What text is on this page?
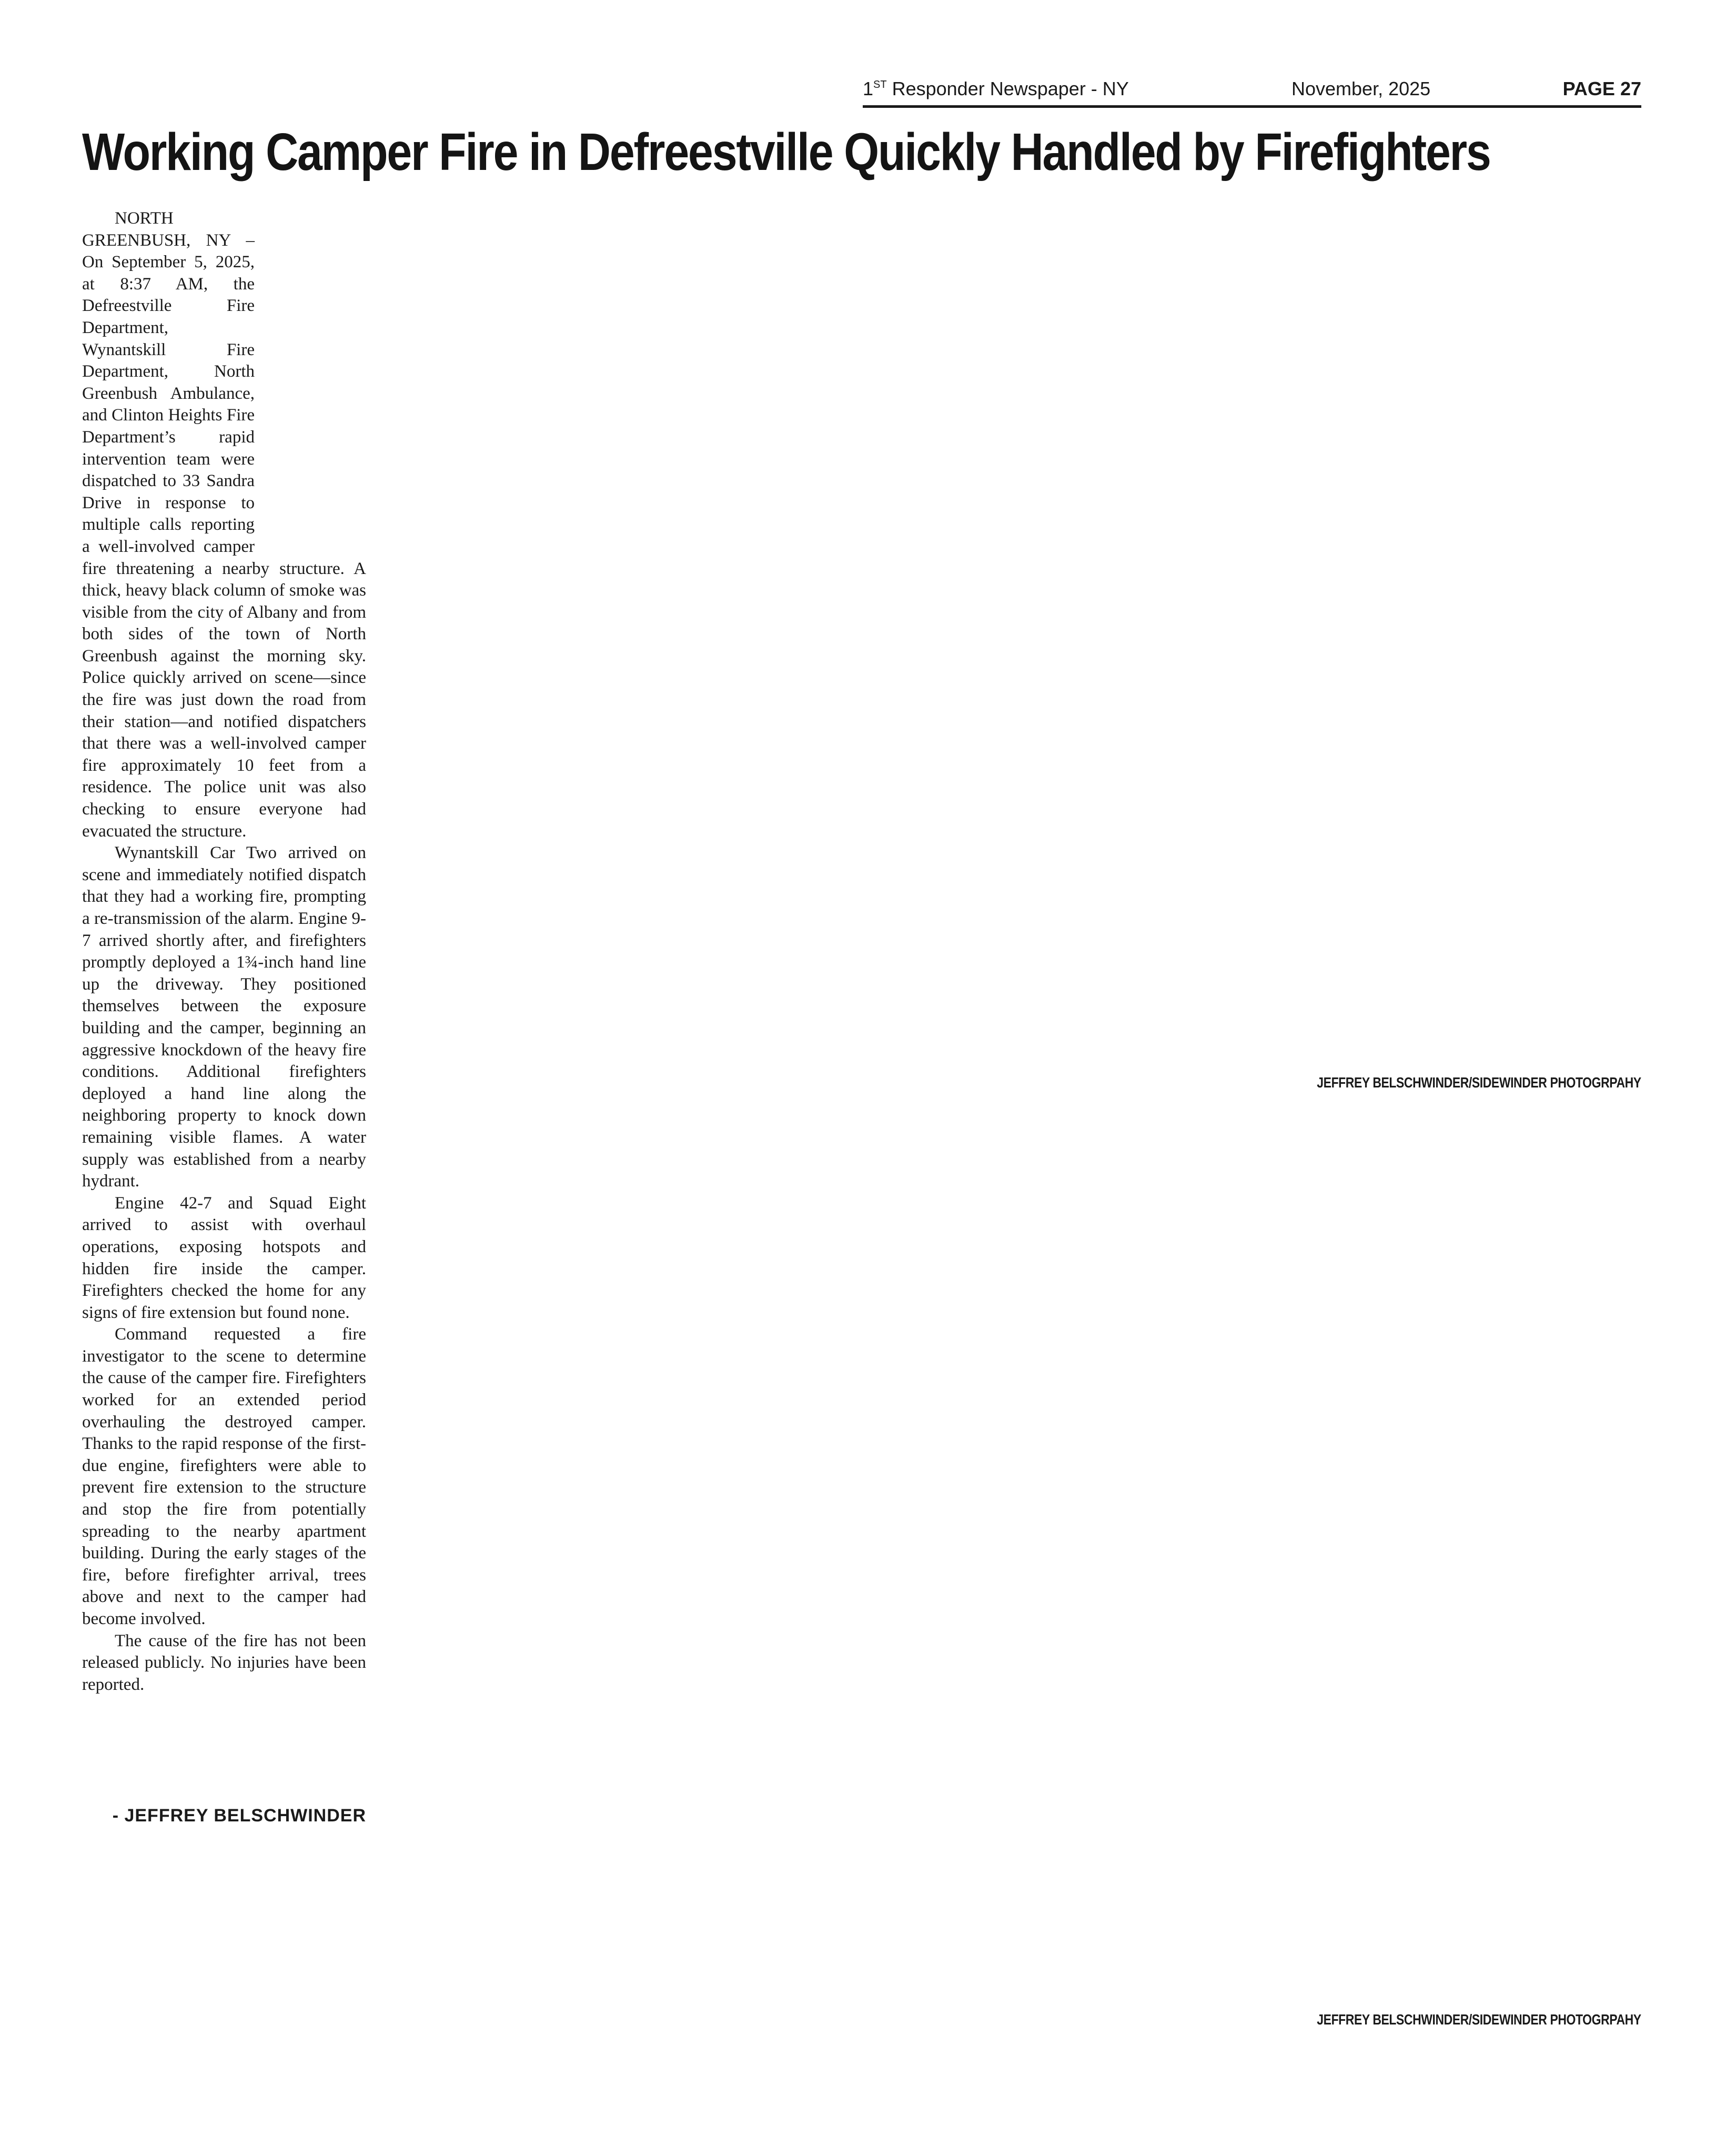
1ST Responder Newspaper - NY	November, 2025	PAGE 27
Working Camper Fire in Defreestville Quickly Handled by Firefighters

NORTH GREENBUSH, NY – On September 5, 2025, at 8:37 AM, the Defreestville Fire Department, Wynantskill Fire Department, North Greenbush Ambulance, and Clinton Heights Fire Department’s rapid intervention team were dispatched to 33 Sandra Drive in response to multiple calls reporting a well-involved camper fire threatening a nearby structure. A thick, heavy black column of smoke was visible from the city of Albany and from both sides of the town of North Greenbush against the morning sky. Police quickly arrived on scene—since the fire was just down the road from their station—and notified dispatchers that there was a well-involved camper fire approximately 10 feet from a residence. The police unit was also checking to ensure everyone had evacuated the structure.

Wynantskill Car Two arrived on scene and immediately notified dispatch that they had a working fire, prompting a re-transmission of the alarm. Engine 9-7 arrived shortly after, and firefighters promptly deployed a 1¾-inch hand line up the driveway. They positioned themselves between the exposure building and the camper, beginning an aggressive knockdown of the heavy fire conditions. Additional firefighters deployed a hand line along the neighboring property to knock down remaining visible flames. A water supply was established from a nearby hydrant.

Engine 42-7 and Squad Eight arrived to assist with overhaul operations, exposing hotspots and hidden fire inside the camper. Firefighters checked the home for any signs of fire extension but found none.

Command requested a fire investigator to the scene to determine the cause of the camper fire. Firefighters worked for an extended period overhauling the destroyed camper. Thanks to the rapid response of the first-due engine, firefighters were able to prevent fire extension to the structure and stop the fire from potentially spreading to the nearby apartment building. During the early stages of the fire, before firefighter arrival, trees above and next to the camper had become involved.

The cause of the fire has not been released publicly. No injuries have been reported.

- JEFFREY BELSCHWINDER
JEFFREY BELSCHWINDER/SIDEWINDER PHOTOGRPAHY
JEFFREY BELSCHWINDER/SIDEWINDER PHOTOGRPAHY
